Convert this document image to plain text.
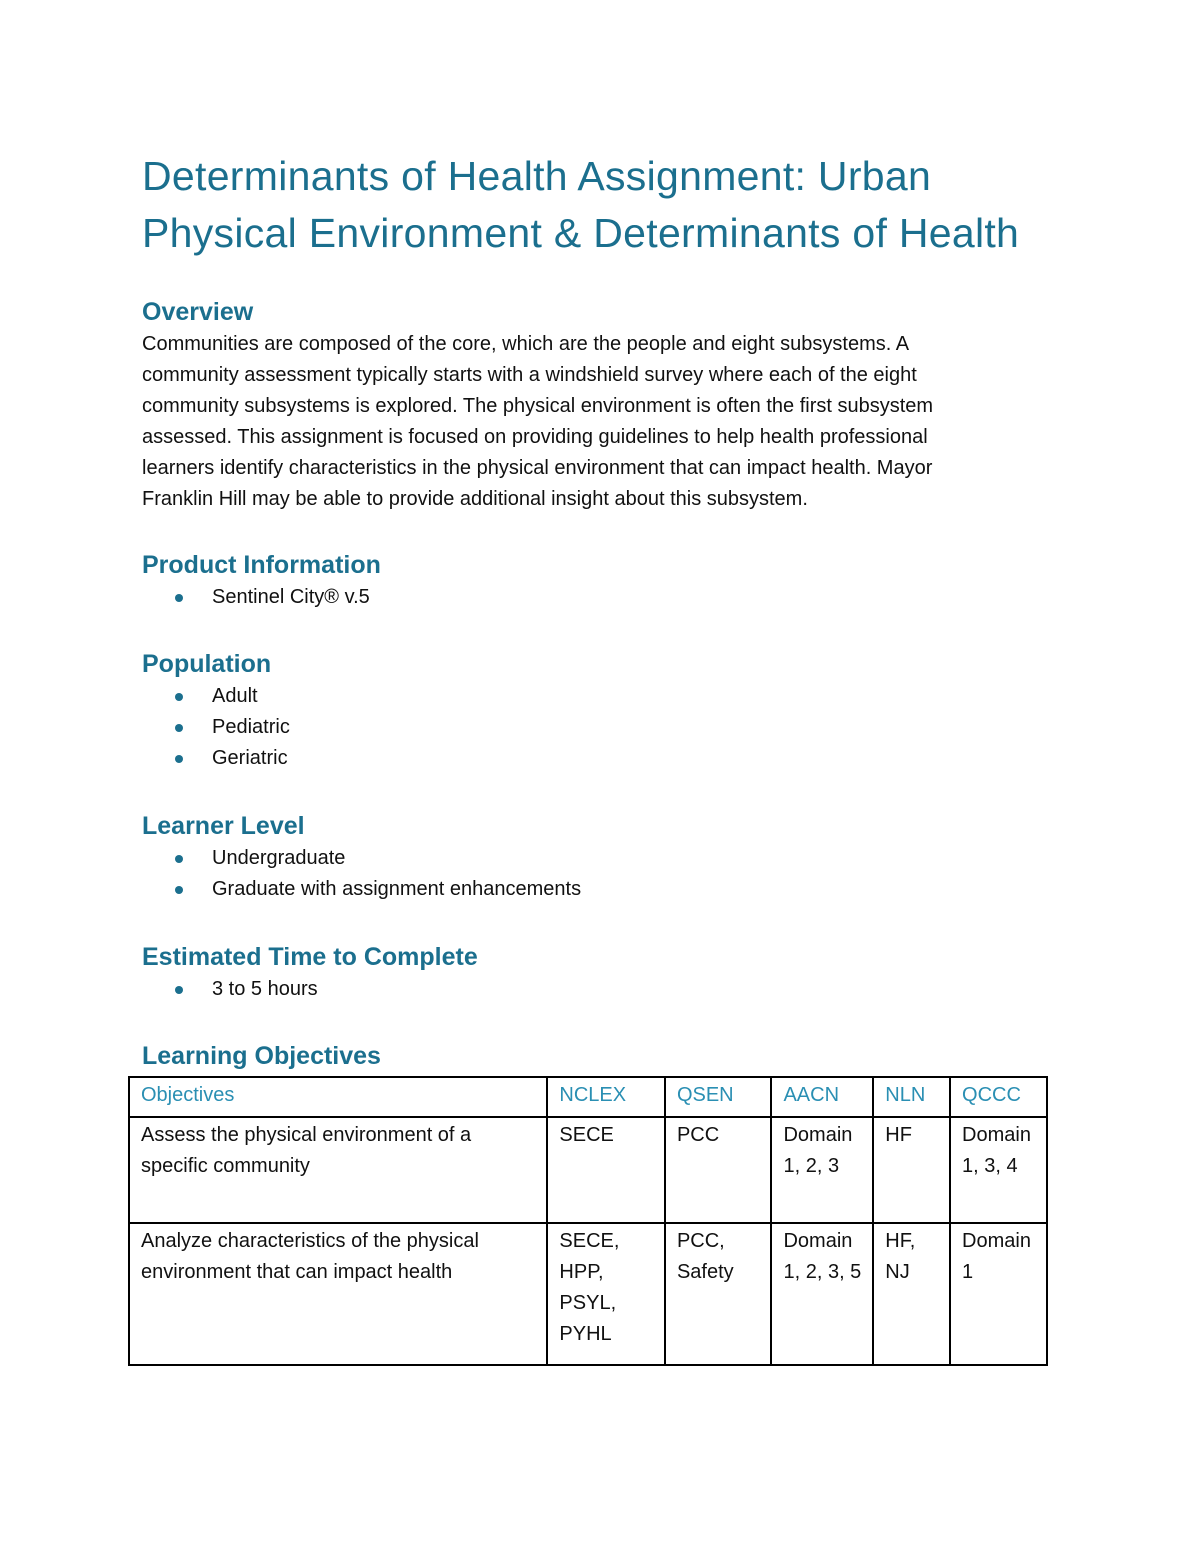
Determinants of Health Assignment: Urban
Physical Environment & Determinants of Health
Overview

Communities are composed of the core, which are the people and eight subsystems. A
community assessment typically starts with a windshield survey where each of the eight
community subsystems is explored. The physical environment is often the first subsystem
assessed. This assignment is focused on providing guidelines to help health professional
learners identify characteristics in the physical environment that can impact health. Mayor
Franklin Hill may be able to provide additional insight about this subsystem.

Product Information
Sentinel City® v.5
Population
Adult
Pediatric
Geriatric
Learner Level
Undergraduate
Graduate with assignment enhancements
Estimated Time to Complete
3 to 5 hours
Learning Objectives
Objectives	NCLEX	QSEN	AACN	NLN	QCCC
Assess the physical environment of a specific community	SECE	PCC	Domain 1, 2, 3	HF	Domain 1, 3, 4
Analyze characteristics of the physical environment that can impact health	SECE, HPP, PSYL, PYHL	PCC, Safety	Domain 1, 2, 3, 5	HF, NJ	Domain 1
